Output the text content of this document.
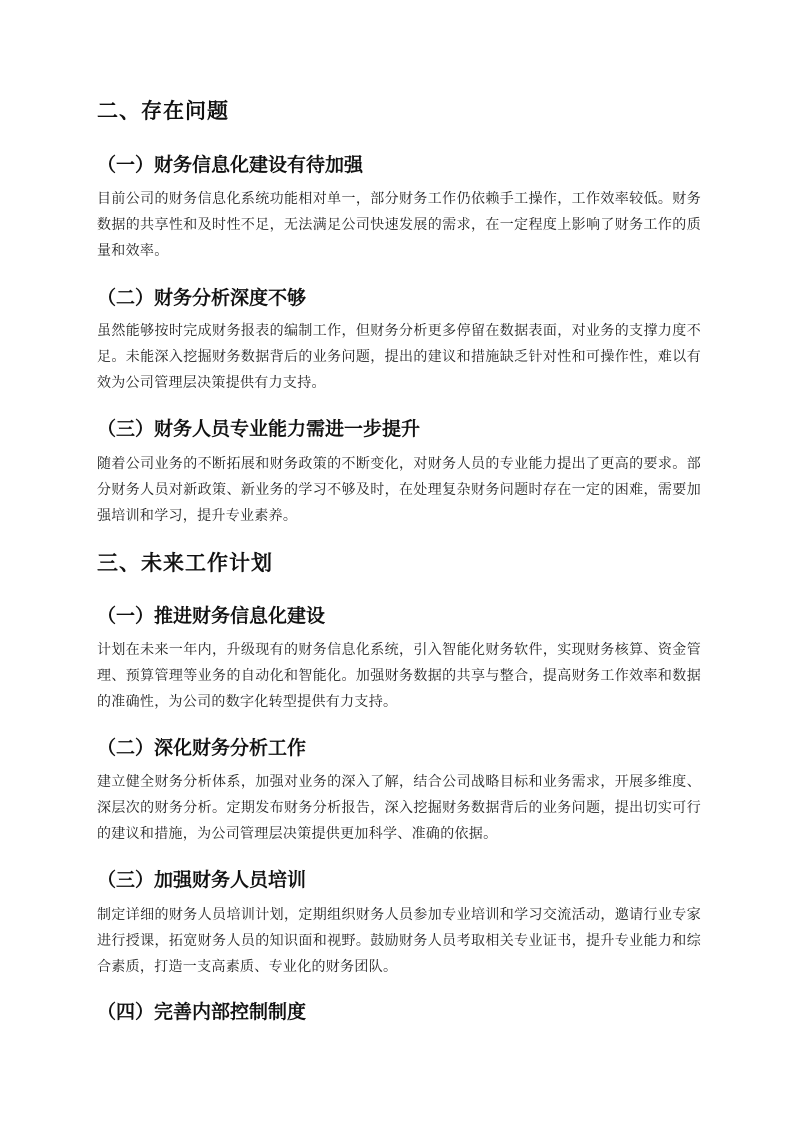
二、存在问题
（一）财务信息化建设有待加强
目前公司的财务信息化系统功能相对单一，部分财务工作仍依赖手工操作，工作效率较低。财务数据的共享性和及时性不足，无法满足公司快速发展的需求，在一定程度上影响了财务工作的质量和效率。
（二）财务分析深度不够
虽然能够按时完成财务报表的编制工作，但财务分析更多停留在数据表面，对业务的支撑力度不足。未能深入挖掘财务数据背后的业务问题，提出的建议和措施缺乏针对性和可操作性，难以有效为公司管理层决策提供有力支持。
（三）财务人员专业能力需进一步提升
随着公司业务的不断拓展和财务政策的不断变化，对财务人员的专业能力提出了更高的要求。部分财务人员对新政策、新业务的学习不够及时，在处理复杂财务问题时存在一定的困难，需要加强培训和学习，提升专业素养。
三、未来工作计划
（一）推进财务信息化建设
计划在未来一年内，升级现有的财务信息化系统，引入智能化财务软件，实现财务核算、资金管理、预算管理等业务的自动化和智能化。加强财务数据的共享与整合，提高财务工作效率和数据的准确性，为公司的数字化转型提供有力支持。
（二）深化财务分析工作
建立健全财务分析体系，加强对业务的深入了解，结合公司战略目标和业务需求，开展多维度、深层次的财务分析。定期发布财务分析报告，深入挖掘财务数据背后的业务问题，提出切实可行的建议和措施，为公司管理层决策提供更加科学、准确的依据。
（三）加强财务人员培训
制定详细的财务人员培训计划，定期组织财务人员参加专业培训和学习交流活动，邀请行业专家进行授课，拓宽财务人员的知识面和视野。鼓励财务人员考取相关专业证书，提升专业能力和综合素质，打造一支高素质、专业化的财务团队。
（四）完善内部控制制度
